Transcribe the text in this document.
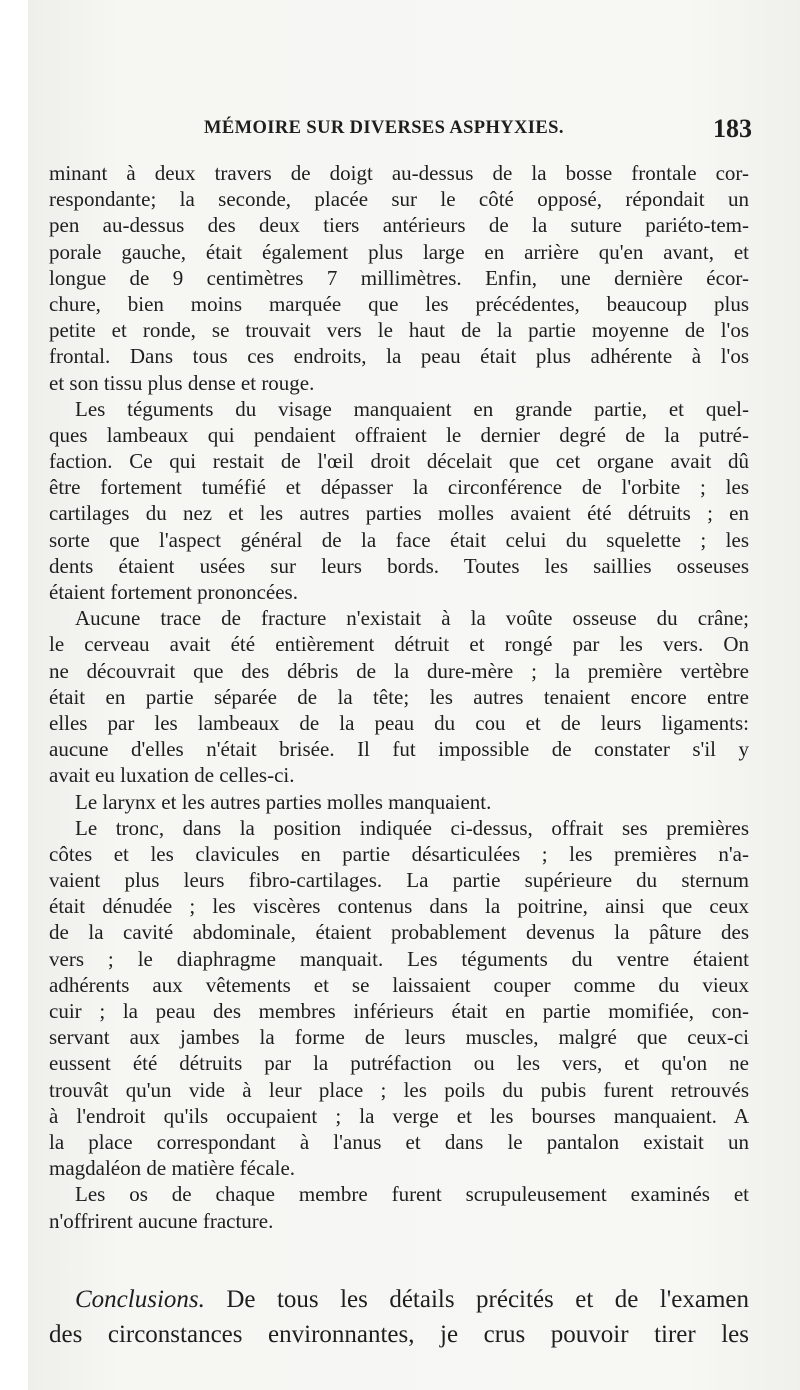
MÉMOIRE SUR DIVERSES ASPHYXIES.	183
minant à deux travers de doigt au-dessus de la bosse frontale cor-
respondante; la seconde, placée sur le côté opposé, répondait un
pen au-dessus des deux tiers antérieurs de la suture pariéto-tem-
porale gauche, était également plus large en arrière qu'en avant, et
longue de 9 centimètres 7 millimètres. Enfin, une dernière écor-
chure, bien moins marquée que les précédentes, beaucoup plus
petite et ronde, se trouvait vers le haut de la partie moyenne de l'os
frontal. Dans tous ces endroits, la peau était plus adhérente à l'os
et son tissu plus dense et rouge.
Les téguments du visage manquaient en grande partie, et quel-
ques lambeaux qui pendaient offraient le dernier degré de la putré-
faction. Ce qui restait de l'œil droit décelait que cet organe avait dû
être fortement tuméfié et dépasser la circonférence de l'orbite ; les
cartilages du nez et les autres parties molles avaient été détruits ; en
sorte que l'aspect général de la face était celui du squelette ; les
dents étaient usées sur leurs bords. Toutes les saillies osseuses
étaient fortement prononcées.
Aucune trace de fracture n'existait à la voûte osseuse du crâne;
le cerveau avait été entièrement détruit et rongé par les vers. On
ne découvrait que des débris de la dure-mère ; la première vertèbre
était en partie séparée de la tête; les autres tenaient encore entre
elles par les lambeaux de la peau du cou et de leurs ligaments:
aucune d'elles n'était brisée. Il fut impossible de constater s'il y
avait eu luxation de celles-ci.
Le larynx et les autres parties molles manquaient.
Le tronc, dans la position indiquée ci-dessus, offrait ses premières
côtes et les clavicules en partie désarticulées ; les premières n'a-
vaient plus leurs fibro-cartilages. La partie supérieure du sternum
était dénudée ; les viscères contenus dans la poitrine, ainsi que ceux
de la cavité abdominale, étaient probablement devenus la pâture des
vers ; le diaphragme manquait. Les téguments du ventre étaient
adhérents aux vêtements et se laissaient couper comme du vieux
cuir ; la peau des membres inférieurs était en partie momifiée, con-
servant aux jambes la forme de leurs muscles, malgré que ceux-ci
eussent été détruits par la putréfaction ou les vers, et qu'on ne
trouvât qu'un vide à leur place ; les poils du pubis furent retrouvés
à l'endroit qu'ils occupaient ; la verge et les bourses manquaient. A
la place correspondant à l'anus et dans le pantalon existait un
magdaléon de matière fécale.
Les os de chaque membre furent scrupuleusement examinés et
n'offrirent aucune fracture.
Conclusions. De tous les détails précités et de l'examen
des circonstances environnantes, je crus pouvoir tirer les
